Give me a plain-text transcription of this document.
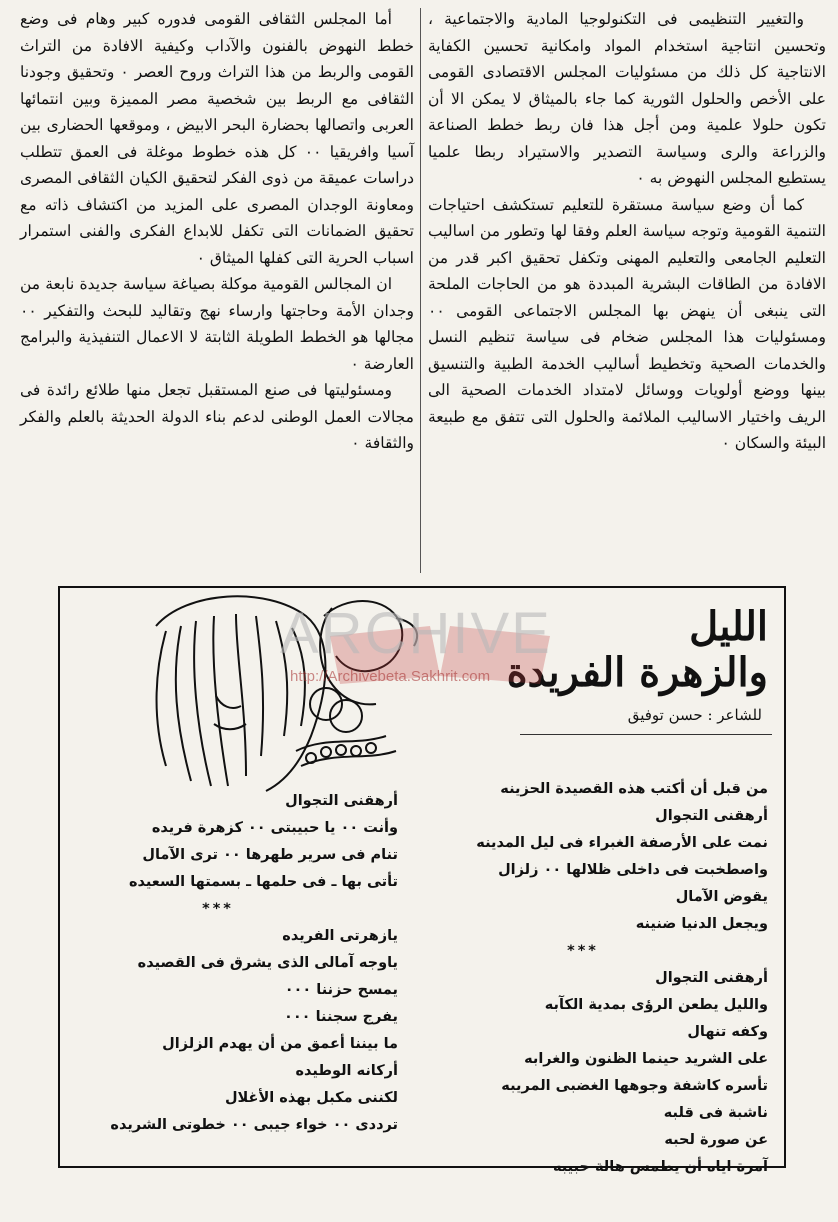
والتغيير التنظيمى فى التكنولوجيا المادية والاجتماعية ، وتحسين انتاجية استخدام المواد وامكانية تحسين الكفاية الانتاجية كل ذلك من مسئوليات المجلس الاقتصادى القومى على الأخص والحلول الثورية كما جاء بالميثاق لا يمكن الا أن تكون حلولا علمية ومن أجل هذا فان ربط خطط الصناعة والزراعة والرى وسياسة التصدير والاستيراد ربطا علميا يستطيع المجلس النهوض به ٠

كما أن وضع سياسة مستقرة للتعليم تستكشف احتياجات التنمية القومية وتوجه سياسة العلم وفقا لها وتطور من اساليب التعليم الجامعى والتعليم المهنى وتكفل تحقيق اكبر قدر من الافادة من الطاقات البشرية المبددة هو من الحاجات الملحة التى ينبغى أن ينهض بها المجلس الاجتماعى القومى ٠٠ ومسئوليات هذا المجلس ضخام فى سياسة تنظيم النسل والخدمات الصحية وتخطيط أساليب الخدمة الطبية والتنسيق بينها ووضع أولويات ووسائل لامتداد الخدمات الصحية الى الريف واختيار الاساليب الملائمة والحلول التى تتفق مع طبيعة البيئة والسكان ٠

أما المجلس الثقافى القومى فدوره كبير وهام فى وضع خطط النهوض بالفنون والآداب وكيفية الافادة من التراث القومى والربط من هذا التراث وروح العصر ٠ وتحقيق وجودنا الثقافى مع الربط بين شخصية مصر المميزة وبين انتمائها العربى واتصالها بحضارة البحر الابيض ، وموقعها الحضارى بين آسيا وافريقيا ٠٠ كل هذه خطوط موغلة فى العمق تتطلب دراسات عميقة من ذوى الفكر لتحقيق الكيان الثقافى المصرى ومعاونة الوجدان المصرى على المزيد من اكتشاف ذاته مع تحقيق الضمانات التى تكفل للابداع الفكرى والفنى استمرار اسباب الحرية التى كفلها الميثاق ٠

ان المجالس القومية موكلة بصياغة سياسة جديدة نابعة من وجدان الأمة وحاجتها وارساء نهج وتقاليد للبحث والتفكير ٠٠ مجالها هو الخطط الطويلة الثابتة لا الاعمال التنفيذية والبرامج العارضة ٠

ومسئوليتها فى صنع المستقبل تجعل منها طلائع رائدة فى مجالات العمل الوطنى لدعم بناء الدولة الحديثة بالعلم والفكر والثقافة ٠

الليل
والزهرة الفريدة
للشاعر : حسن توفيق
من قبل أن أكتب هذه القصيدة الحزينه
أرهقنى التجوال
نمت على الأرصفة الغبراء فى ليل المدينه
واصطخبت فى داخلى ظلالها ٠٠ زلزال
يقوض الآمال
ويجعل الدنيا ضنينه
***
أرهقنى التجوال
والليل يطعن الرؤى بمدية الكآبه
وكفه تنهال
على الشريد حينما الظنون والغرابه
تأسره كاشفة وجوهها الغضبى المريبه
ناشبة فى قلبه
عن صورة لحبه
آمرة اياه أن يطمس هالة حبيبه
أرهقنى التجوال
وأنت ٠٠ يا حبيبتى ٠٠ كزهرة فريده
تنام فى سرير طهرها ٠٠ ترى الآمال
تأتى بها ـ فى حلمها ـ بسمتها السعيده
***
يازهرتى الفريده
ياوجه آمالى الذى يشرق فى القصيده
يمسح حزننا ٠٠٠
يفرج سجننا ٠٠٠
ما بيننا أعمق من أن يهدم الزلزال
أركانه الوطيده
لكننى مكبل بهذه الأغلال
ترددى ٠٠ خواء جيبى ٠٠ خطوتى الشريده
ARCHIVE
http://Archivebeta.Sakhrit.com
